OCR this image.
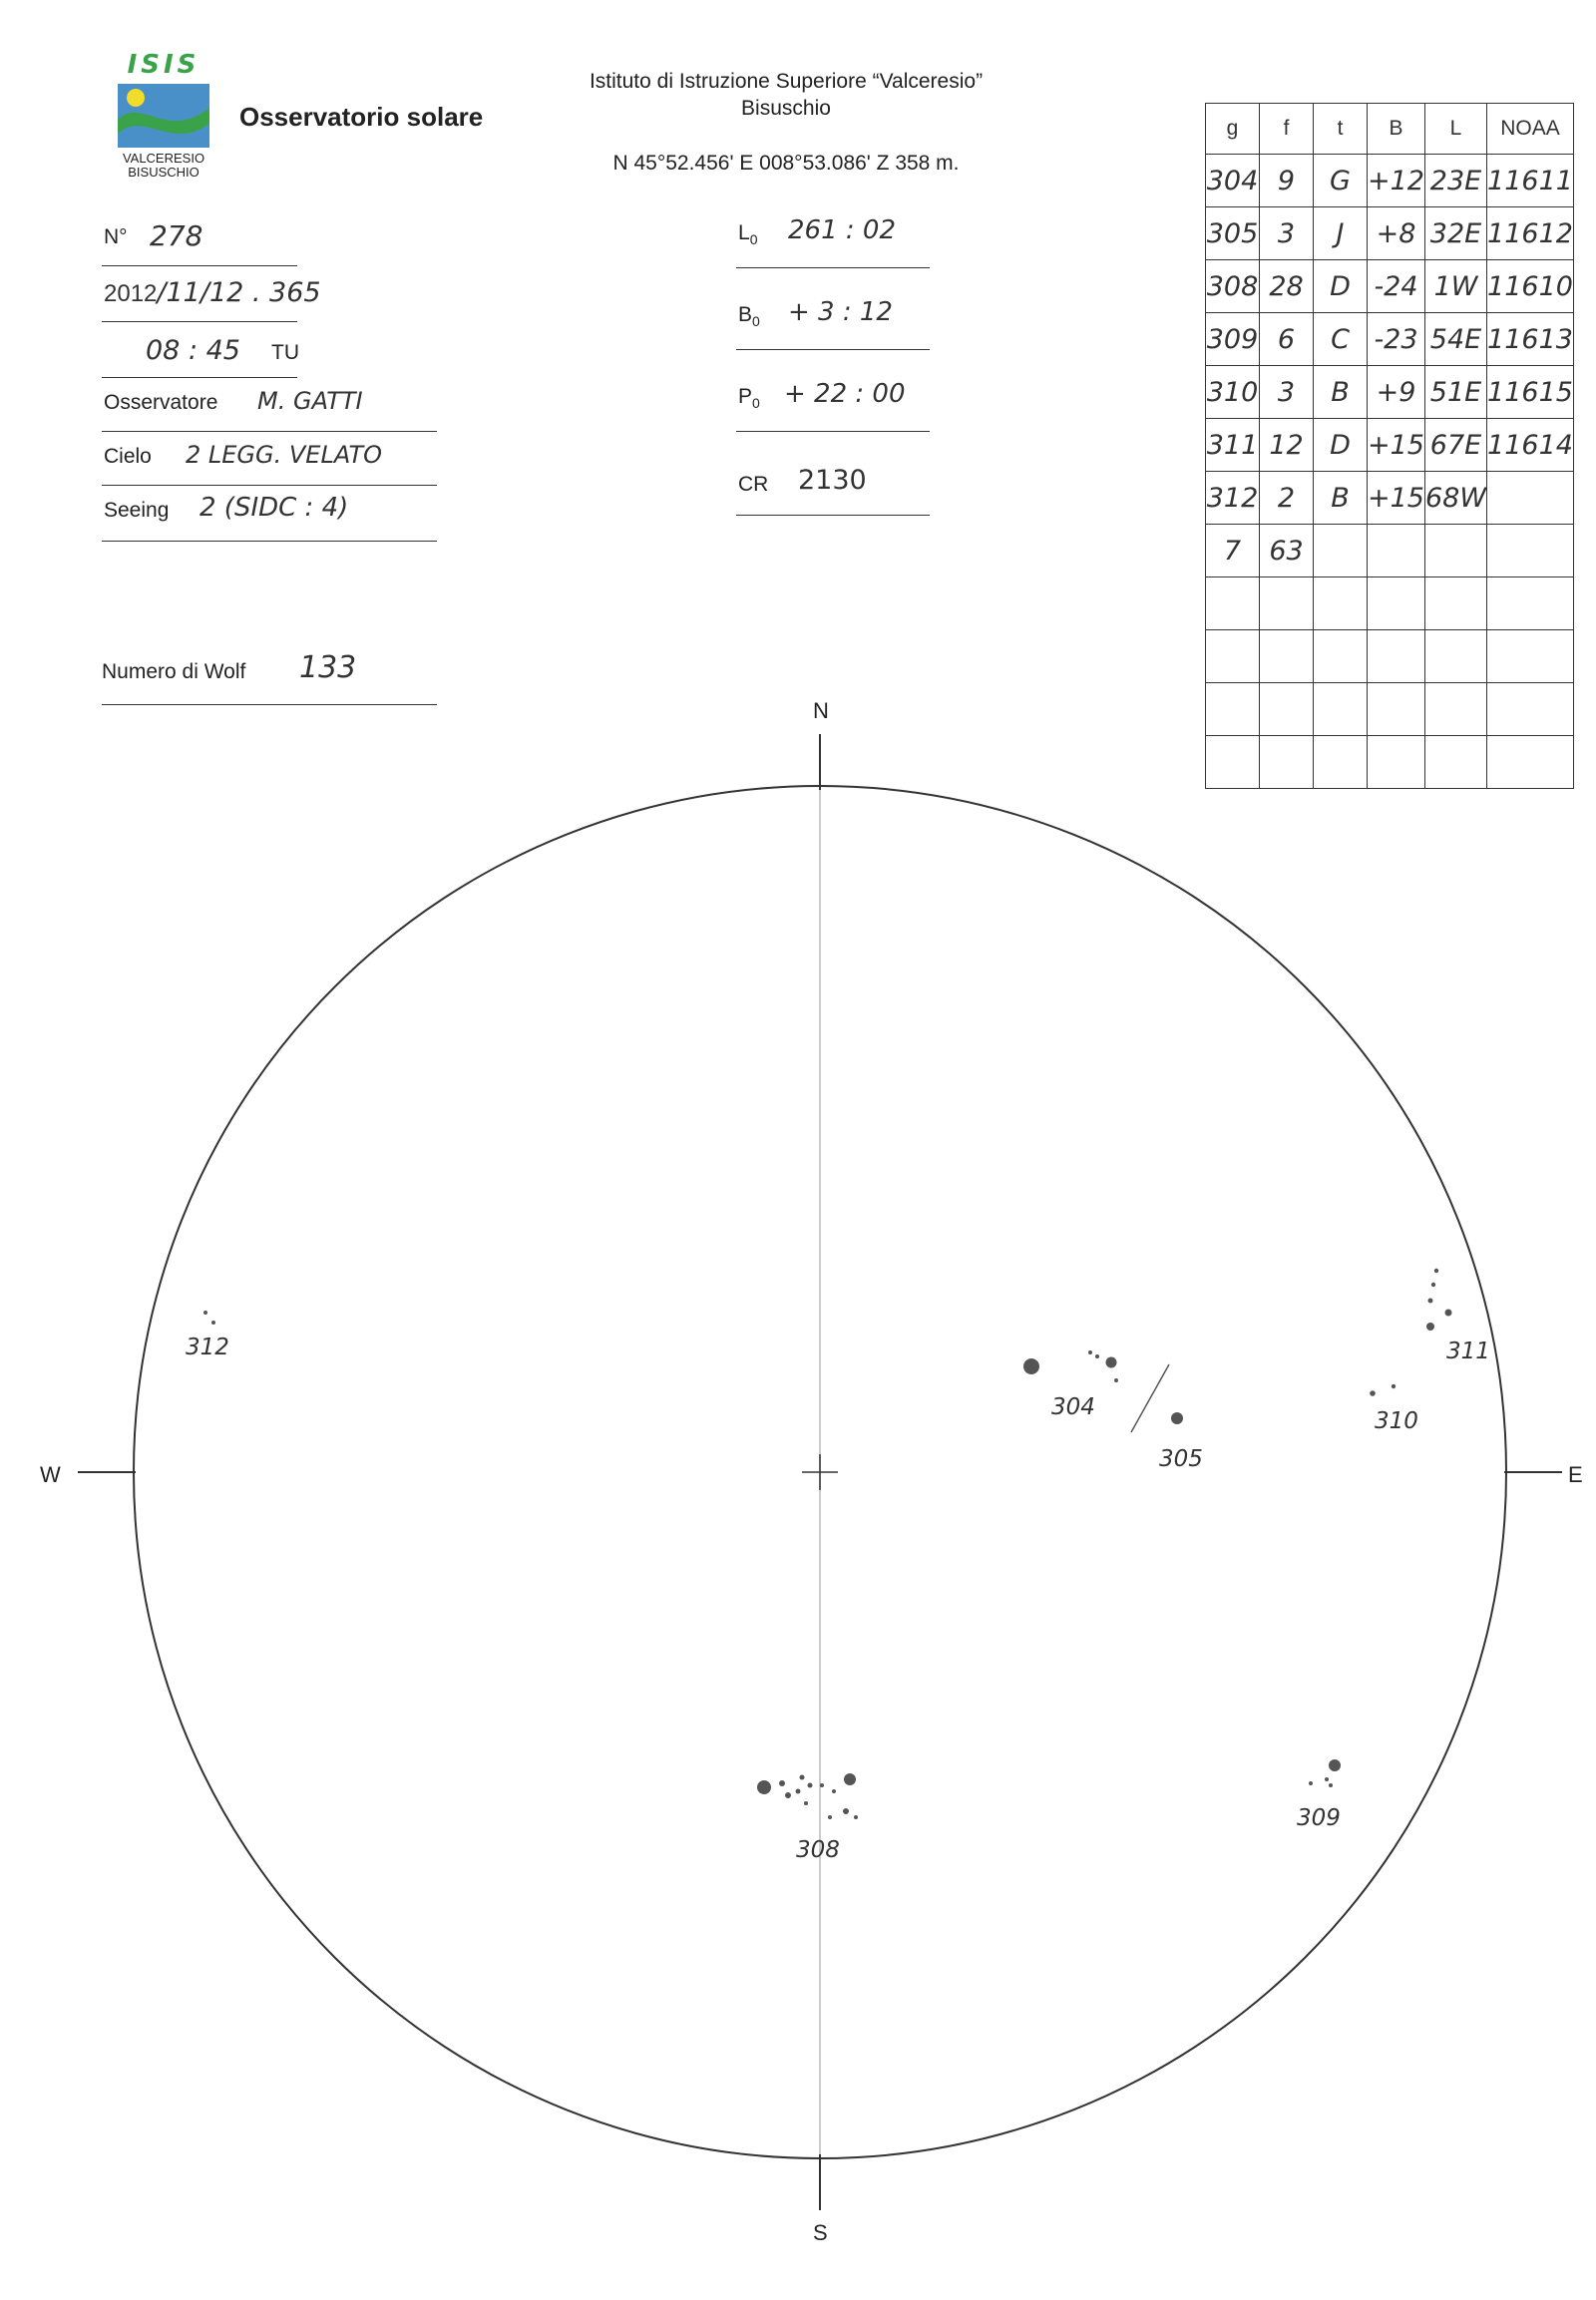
ISIS
VALCERESIO
BISUSCHIO
Osservatorio solare
Istituto di Istruzione Superiore “Valceresio”
Bisuschio
N 45°52.456' E 008°53.086' Z 358 m.
N° 278
2012/11/12 . 365
08 : 45 TU
Osservatore M. GATTI
Cielo 2 LEGG. VELATO
Seeing 2 (SIDC : 4)
Numero di Wolf 133
$L_0$ 261 : 02
$B_0 + 3$ : 12
$P_0 + 22$ : 00
CR 2130
g	f	t	B	L	NOAA
304	9	G	+12	23E	11611
305	3	J	+8	32E	11612
308	28	D	-24	1W	11610
309	6	C	-23	54E	11613
310	3	B	+9	51E	11615
311	12	D	+15	67E	11614
312	2	B	+15	68W	
7	63				

N
S
W	E
304
305
308
309
310
311
312
